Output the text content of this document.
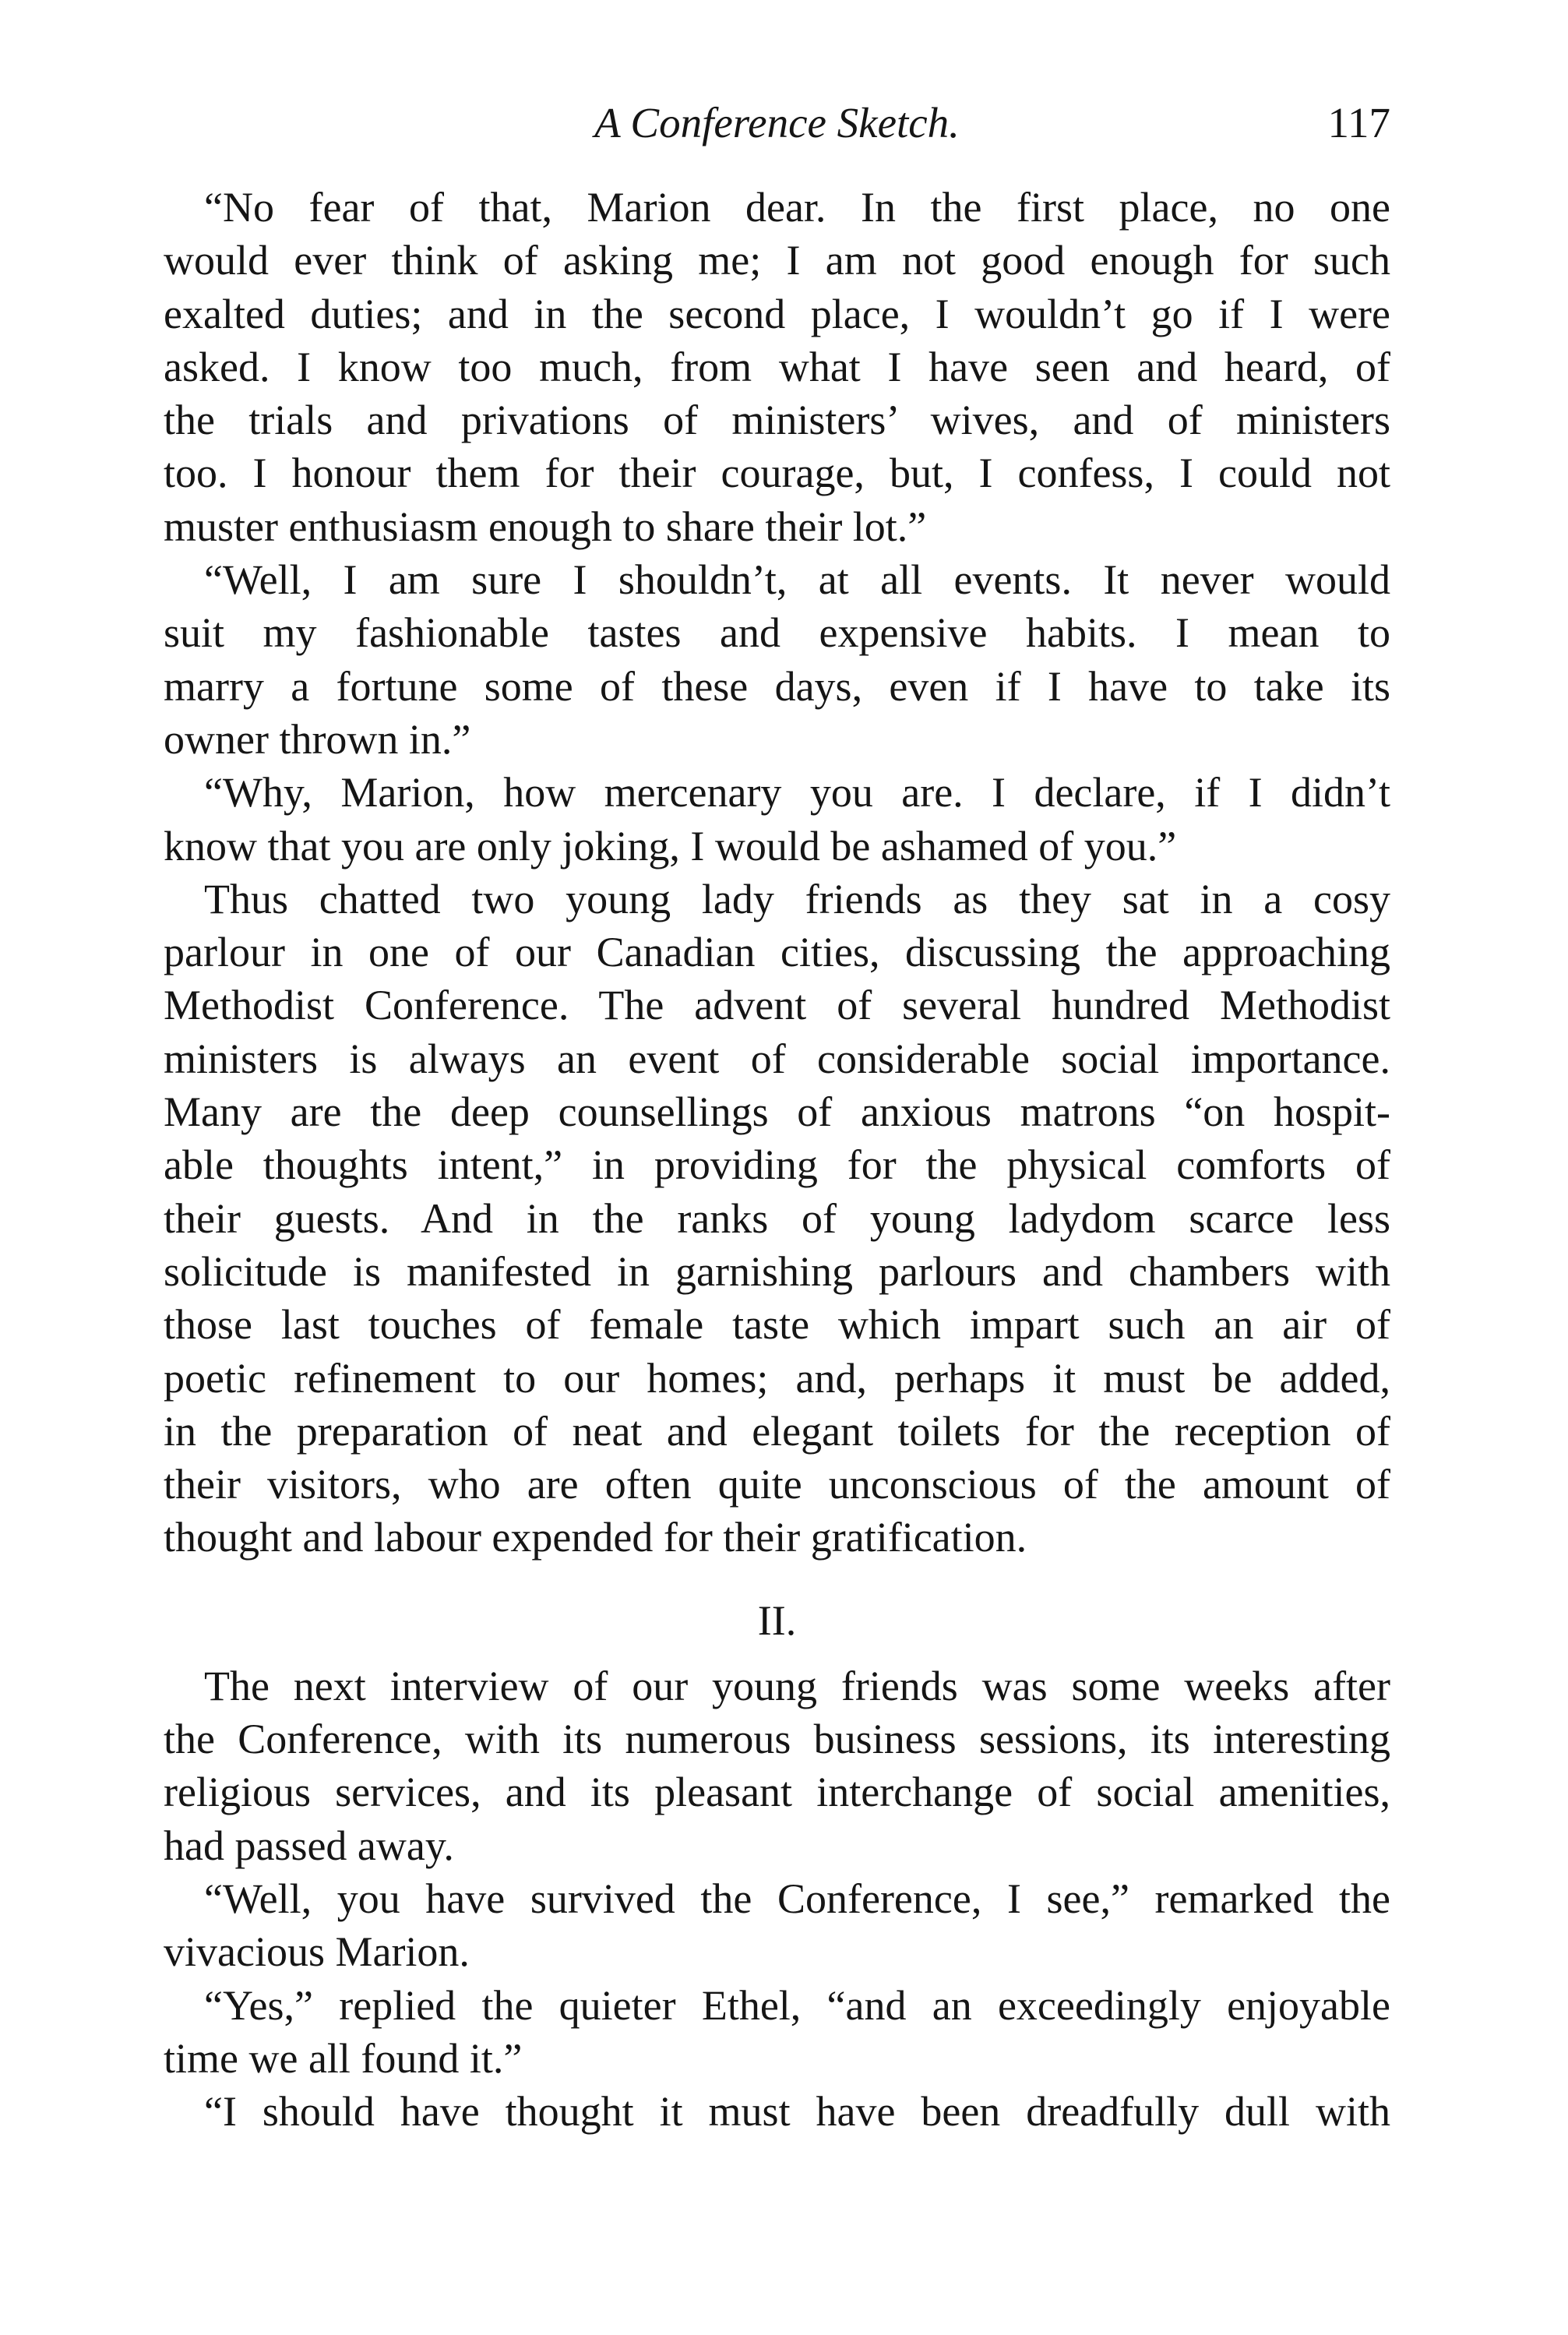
A Conference Sketch.	117
“No fear of that, Marion dear. In the first place, no one
would ever think of asking me; I am not good enough for such
exalted duties; and in the second place, I wouldn’t go if I were
asked. I know too much, from what I have seen and heard, of
the trials and privations of ministers’ wives, and of ministers
too. I honour them for their courage, but, I confess, I could not
muster enthusiasm enough to share their lot.”
“Well, I am sure I shouldn’t, at all events. It never would
suit my fashionable tastes and expensive habits. I mean to
marry a fortune some of these days, even if I have to take its
owner thrown in.”
“Why, Marion, how mercenary you are. I declare, if I didn’t
know that you are only joking, I would be ashamed of you.”
Thus chatted two young lady friends as they sat in a cosy
parlour in one of our Canadian cities, discussing the approaching
Methodist Conference. The advent of several hundred Methodist
ministers is always an event of considerable social importance.
Many are the deep counsellings of anxious matrons “on hospit-
able thoughts intent,” in providing for the physical comforts of
their guests. And in the ranks of young ladydom scarce less
solicitude is manifested in garnishing parlours and chambers with
those last touches of female taste which impart such an air of
poetic refinement to our homes; and, perhaps it must be added,
in the preparation of neat and elegant toilets for the reception of
their visitors, who are often quite unconscious of the amount of
thought and labour expended for their gratification.
II.
The next interview of our young friends was some weeks after
the Conference, with its numerous business sessions, its interesting
religious services, and its pleasant interchange of social amenities,
had passed away.
“Well, you have survived the Conference, I see,” remarked the
vivacious Marion.
“Yes,” replied the quieter Ethel, “and an exceedingly enjoyable
time we all found it.”
“I should have thought it must have been dreadfully dull with
